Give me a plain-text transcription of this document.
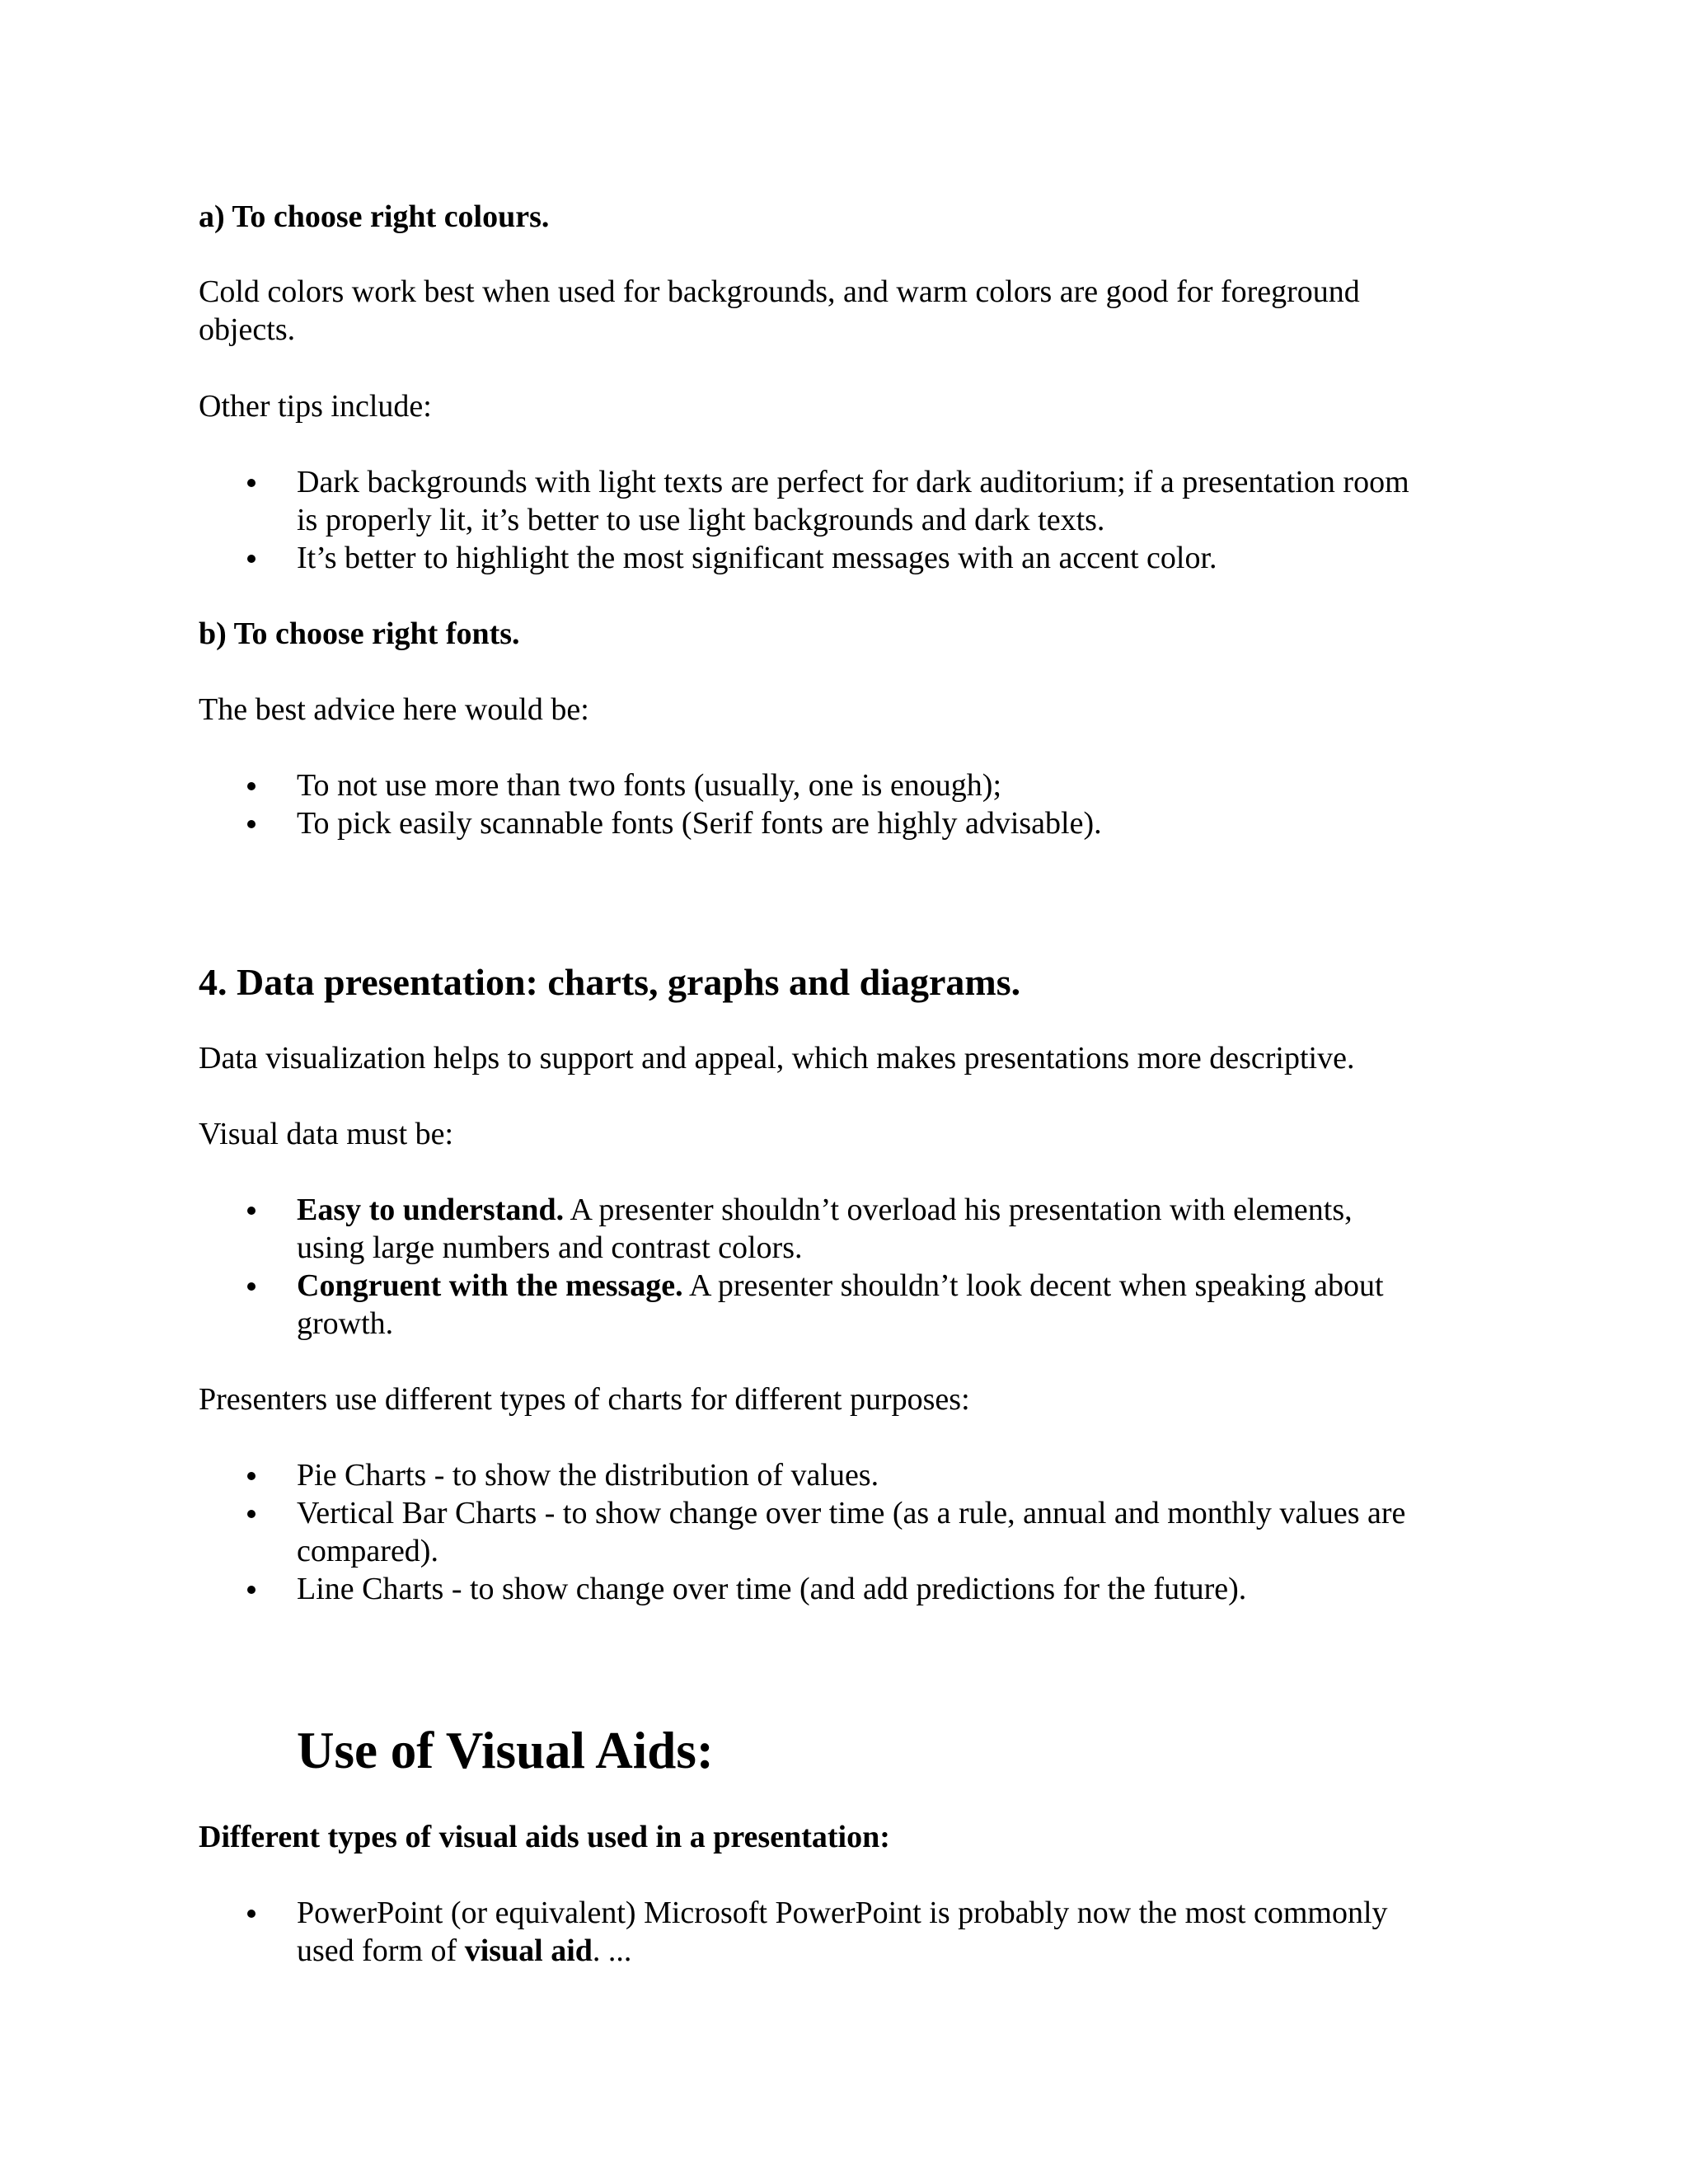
a) To choose right colours.

Cold colors work best when used for backgrounds, and warm colors are good for foreground
objects.

Other tips include:

Dark backgrounds with light texts are perfect for dark auditorium; if a presentation room
is properly lit, it’s better to use light backgrounds and dark texts.
It’s better to highlight the most significant messages with an accent color.

b) To choose right fonts.

The best advice here would be:

To not use more than two fonts (usually, one is enough);
To pick easily scannable fonts (Serif fonts are highly advisable).
4. Data presentation: charts, graphs and diagrams.

Data visualization helps to support and appeal, which makes presentations more descriptive.

Visual data must be:

Easy to understand. A presenter shouldn’t overload his presentation with elements,
using large numbers and contrast colors.
Congruent with the message. A presenter shouldn’t look decent when speaking about
growth.

Presenters use different types of charts for different purposes:

Pie Charts - to show the distribution of values.
Vertical Bar Charts - to show change over time (as a rule, annual and monthly values are
compared).
Line Charts - to show change over time (and add predictions for the future).
Use of Visual Aids:

Different types of visual aids used in a presentation:

PowerPoint (or equivalent) Microsoft PowerPoint is probably now the most commonly
used form of visual aid. ...
